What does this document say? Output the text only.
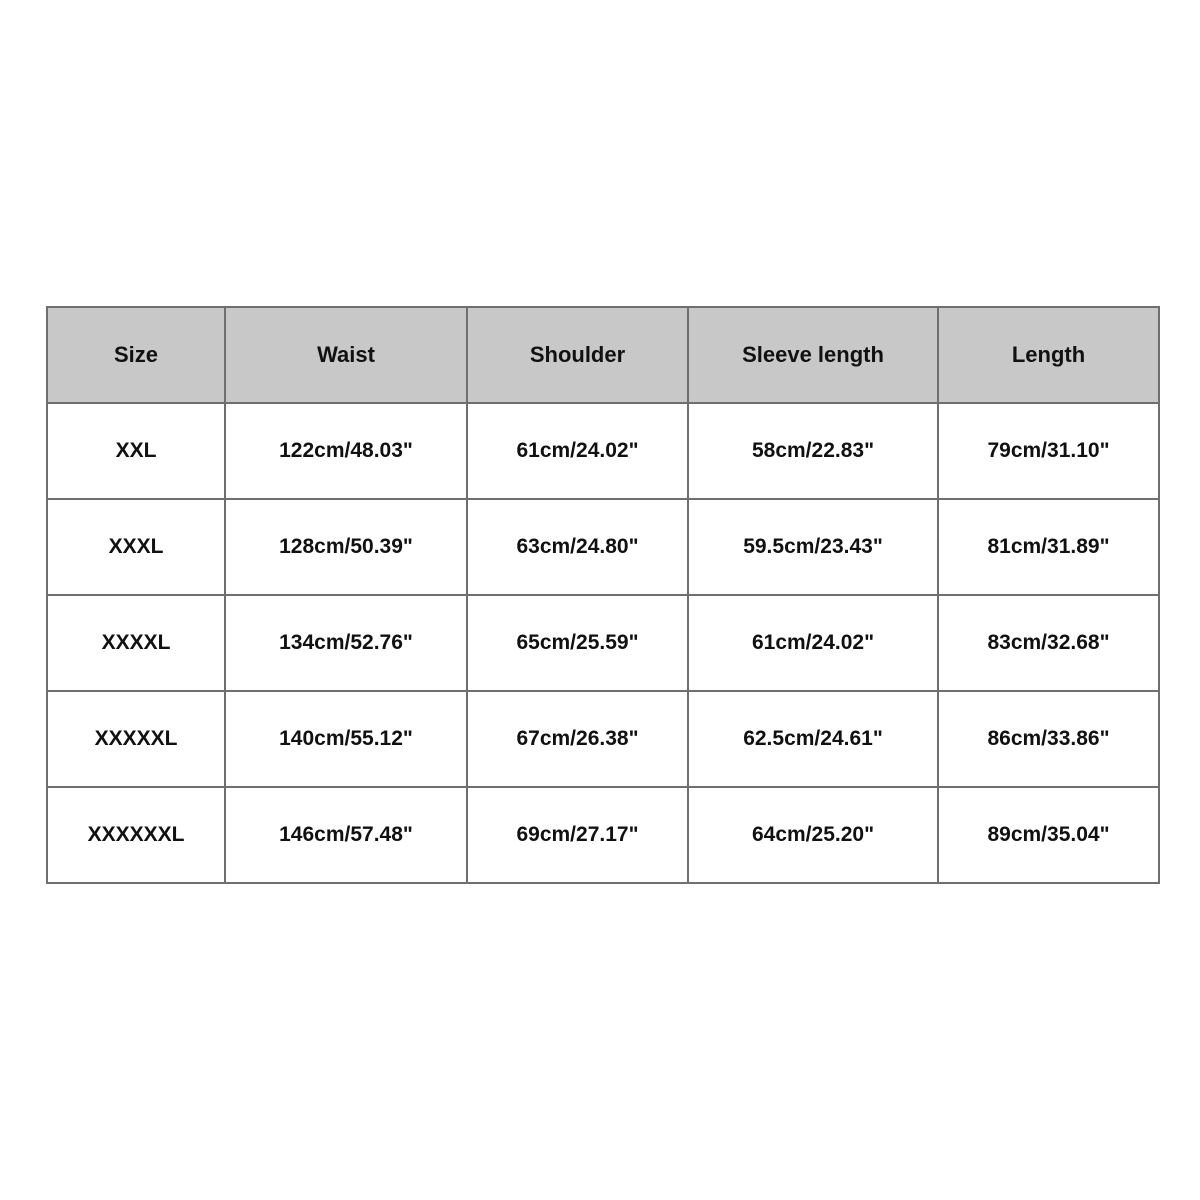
Size	Waist	Shoulder	Sleeve length	Length
XXL	122cm/48.03"	61cm/24.02"	58cm/22.83"	79cm/31.10"
XXXL	128cm/50.39"	63cm/24.80"	59.5cm/23.43"	81cm/31.89"
XXXXL	134cm/52.76"	65cm/25.59"	61cm/24.02"	83cm/32.68"
XXXXXL	140cm/55.12"	67cm/26.38"	62.5cm/24.61"	86cm/33.86"
XXXXXXL	146cm/57.48"	69cm/27.17"	64cm/25.20"	89cm/35.04"
